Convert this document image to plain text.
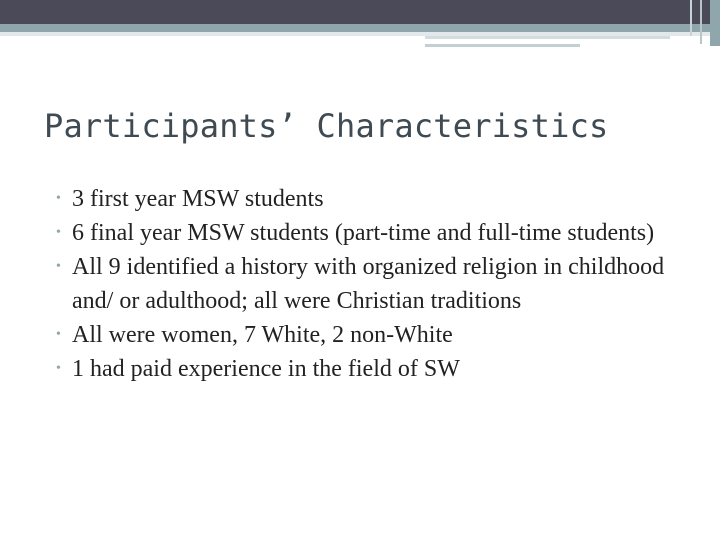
Participants’ Characteristics
• 3 first year MSW students
• 6 final year MSW students (part-time and full-time students)
• All 9 identified a history with organized religion in childhood and/ or adulthood; all were Christian traditions
• All were women, 7 White, 2 non-White
• 1 had paid experience in the field of SW
